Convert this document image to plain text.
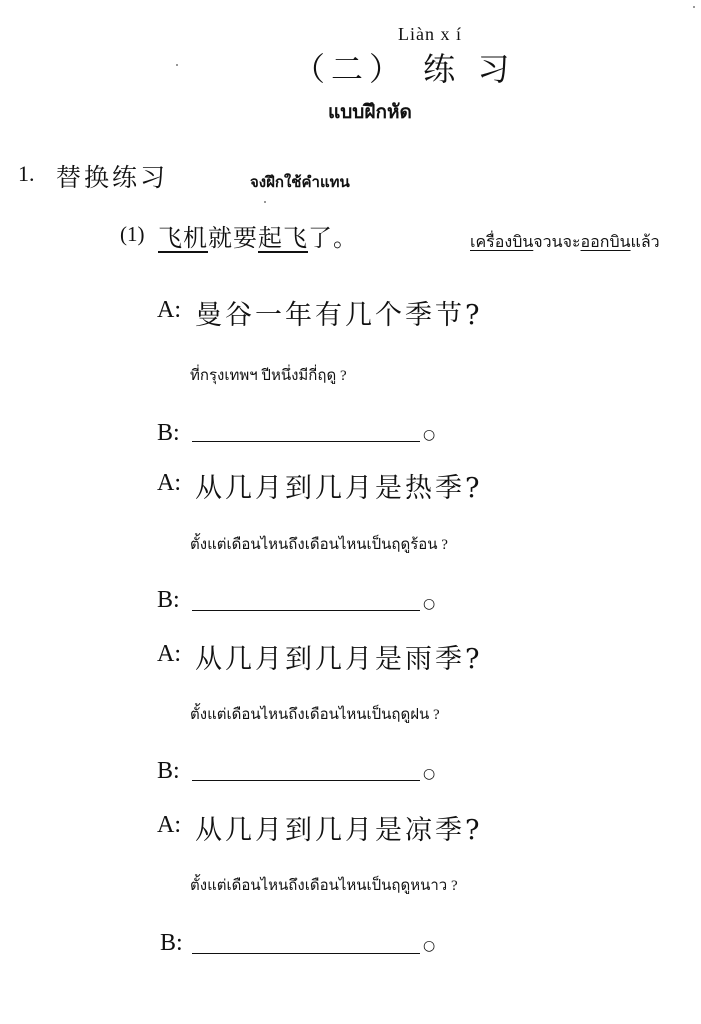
Liàn x í
（二） 练 习
แบบฝึกหัด
1. 替换练习	จงฝึกใช้คำแทน
(1) 飞机就要起飞了。	เครื่องบินจวนจะออกบินแล้ว
A: 曼谷一年有几个季节?
ที่กรุงเทพฯ ปีหนึ่งมีกี่ฤดู ?
B:	○
A: 从几月到几月是热季?
ตั้งแต่เดือนไหนถึงเดือนไหนเป็นฤดูร้อน ?
B:	○
A: 从几月到几月是雨季?
ตั้งแต่เดือนไหนถึงเดือนไหนเป็นฤดูฝน ?
B:	○
A: 从几月到几月是凉季?
ตั้งแต่เดือนไหนถึงเดือนไหนเป็นฤดูหนาว ?
B:	○
